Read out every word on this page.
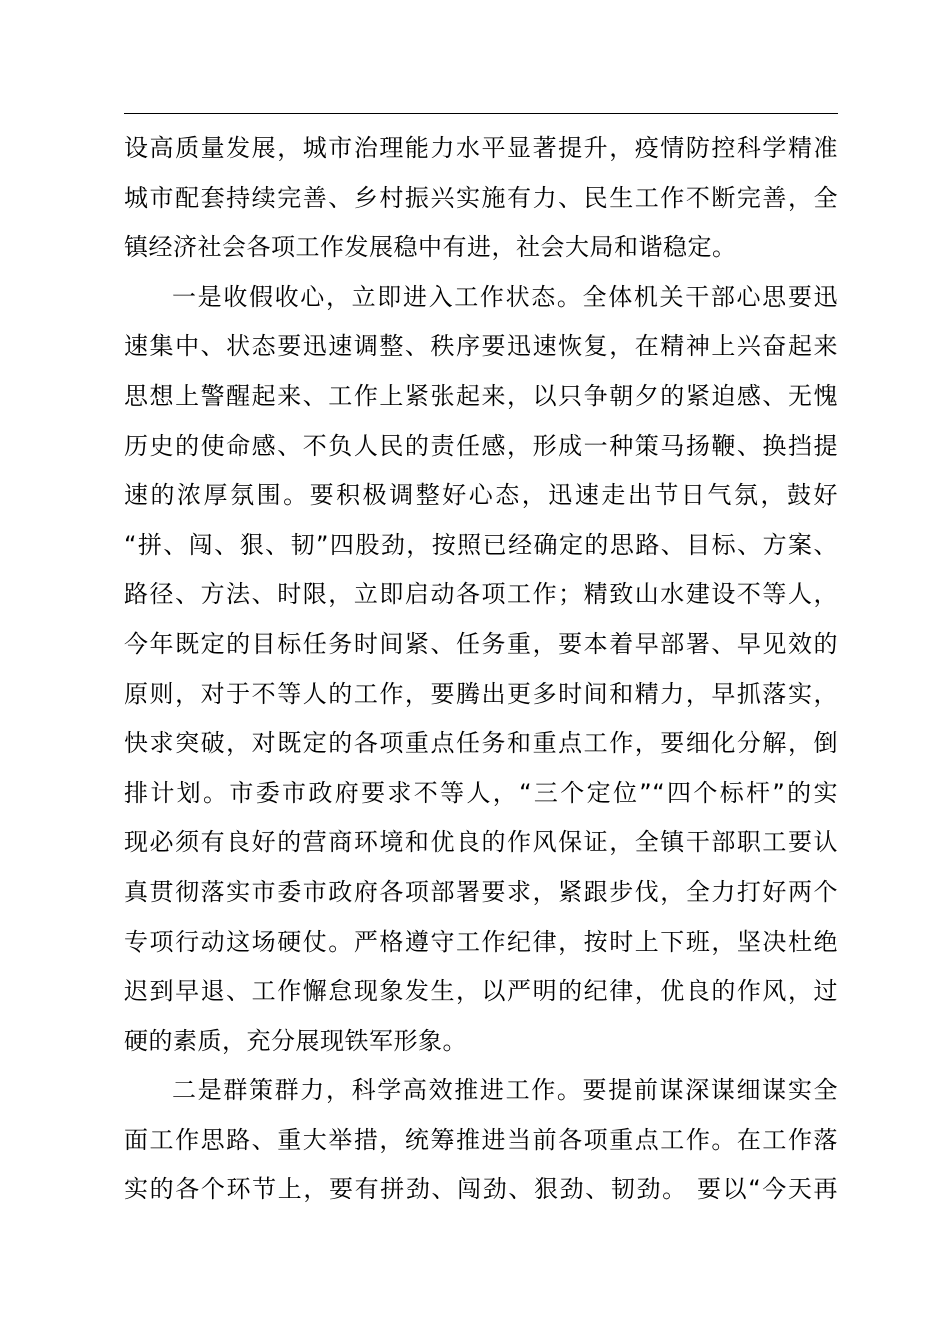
设高质量发展，城市治理能力水平显著提升，疫情防控科学精准
城市配套持续完善、乡村振兴实施有力、民生工作不断完善，全
镇经济社会各项工作发展稳中有进，社会大局和谐稳定。
一是收假收心，立即进入工作状态。全体机关干部心思要迅
速集中、状态要迅速调整、秩序要迅速恢复，在精神上兴奋起来
思想上警醒起来、工作上紧张起来，以只争朝夕的紧迫感、无愧
历史的使命感、不负人民的责任感，形成一种策马扬鞭、换挡提
速的浓厚氛围。要积极调整好心态，迅速走出节日气氛，鼓好
“拼、闯、狠、韧”四股劲，按照已经确定的思路、目标、方案、
路径、方法、时限，立即启动各项工作；精致山水建设不等人，
今年既定的目标任务时间紧、任务重，要本着早部署、早见效的
原则，对于不等人的工作，要腾出更多时间和精力，早抓落实，
快求突破，对既定的各项重点任务和重点工作，要细化分解，倒
排计划。市委市政府要求不等人，“三个定位”“四个标杆”的实
现必须有良好的营商环境和优良的作风保证，全镇干部职工要认
真贯彻落实市委市政府各项部署要求，紧跟步伐，全力打好两个
专项行动这场硬仗。严格遵守工作纪律，按时上下班，坚决杜绝
迟到早退、工作懈怠现象发生，以严明的纪律，优良的作风，过
硬的素质，充分展现铁军形象。
二是群策群力，科学高效推进工作。要提前谋深谋细谋实全
面工作思路、重大举措，统筹推进当前各项重点工作。在工作落
实的各个环节上，要有拼劲、闯劲、狠劲、韧劲。 要以“今天再
